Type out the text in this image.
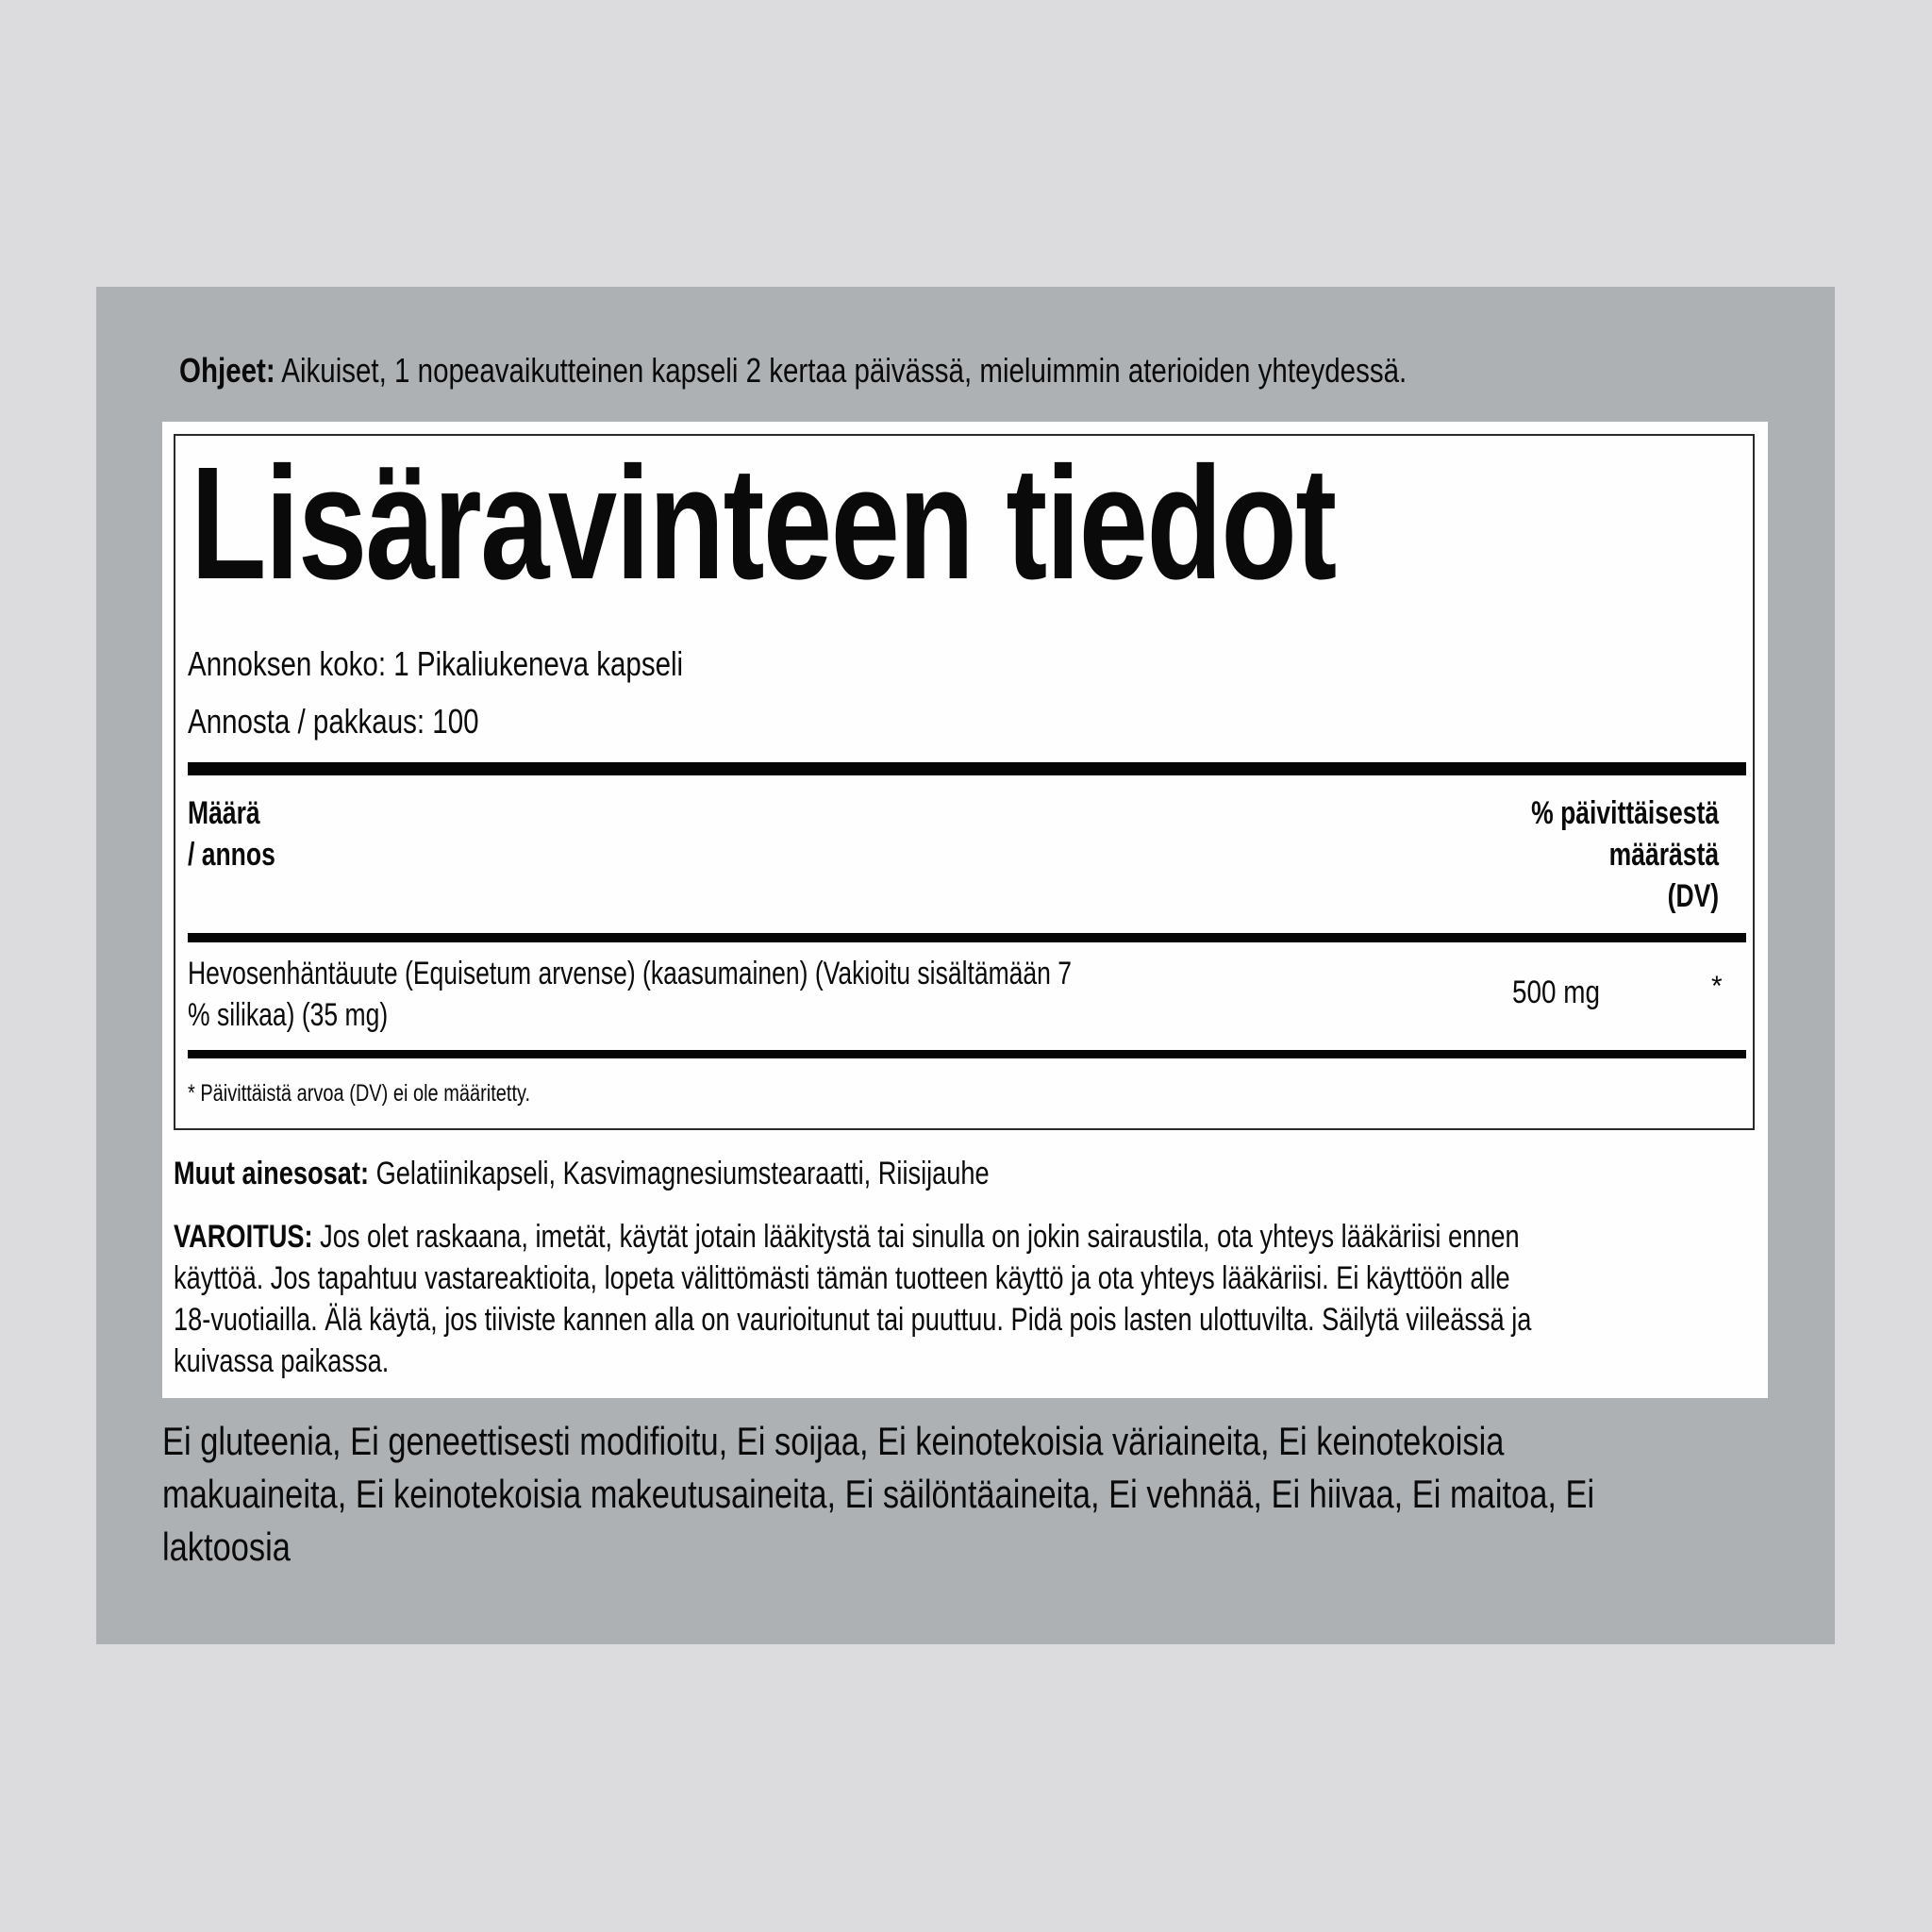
Ohjeet: Aikuiset, 1 nopeavaikutteinen kapseli 2 kertaa päivässä, mieluimmin aterioiden yhteydessä.
Lisäravinteen tiedot
Annoksen koko: 1 Pikaliukeneva kapseli
Annosta / pakkaus: 100
Määrä
/ annos
% päivittäisestä
määrästä
(DV)
Hevosenhäntäuute (Equisetum arvense) (kaasumainen) (Vakioitu sisältämään 7
% silikaa) (35 mg)
500 mg	*
* Päivittäistä arvoa (DV) ei ole määritetty.
Muut ainesosat: Gelatiinikapseli, Kasvimagnesiumstearaatti, Riisijauhe
VAROITUS: Jos olet raskaana, imetät, käytät jotain lääkitystä tai sinulla on jokin sairaustila, ota yhteys lääkäriisi ennen
käyttöä. Jos tapahtuu vastareaktioita, lopeta välittömästi tämän tuotteen käyttö ja ota yhteys lääkäriisi. Ei käyttöön alle
18-vuotiailla. Älä käytä, jos tiiviste kannen alla on vaurioitunut tai puuttuu. Pidä pois lasten ulottuvilta. Säilytä viileässä ja
kuivassa paikassa.
Ei gluteenia, Ei geneettisesti modifioitu, Ei soijaa, Ei keinotekoisia väriaineita, Ei keinotekoisia
makuaineita, Ei keinotekoisia makeutusaineita, Ei säilöntäaineita, Ei vehnää, Ei hiivaa, Ei maitoa, Ei
laktoosia
